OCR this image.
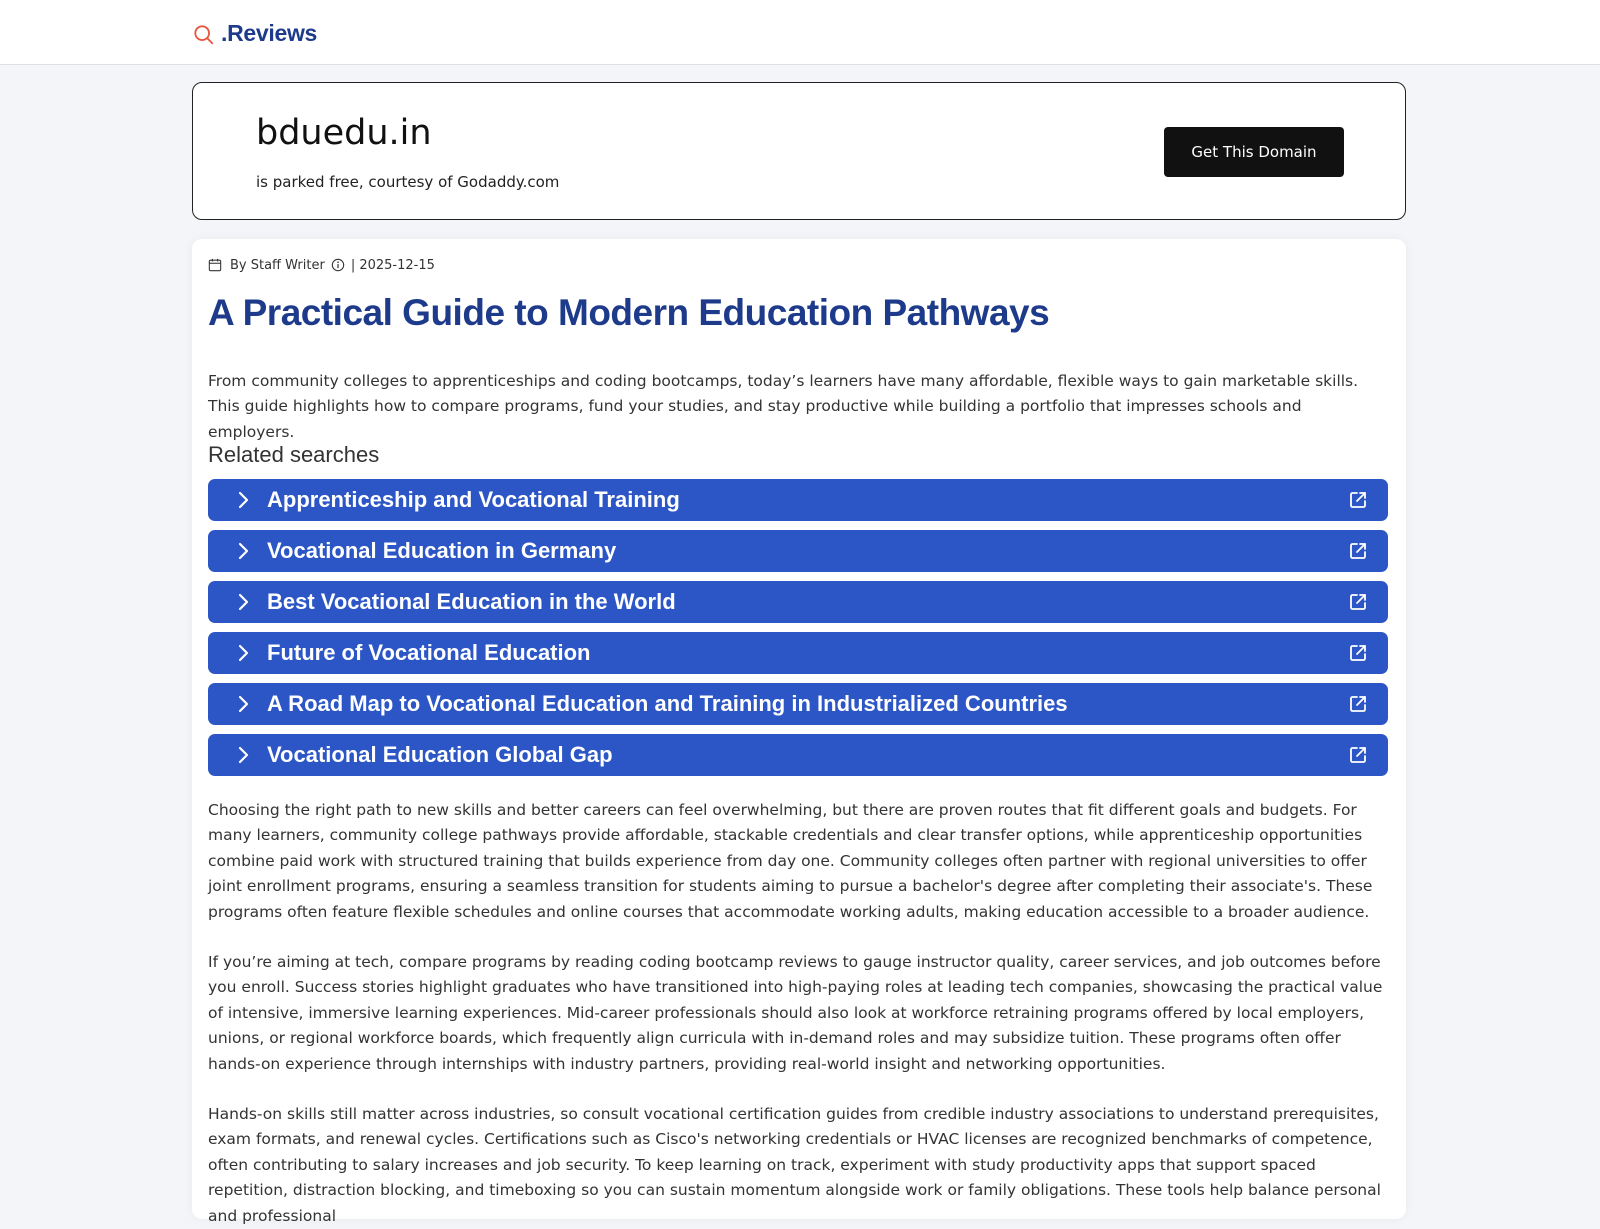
.Reviews
bduedu.in
is parked free, courtesy of Godaddy.com
Get This Domain
By Staff Writer | 2025-12-15
A Practical Guide to Modern Education Pathways

From community colleges to apprenticeships and coding bootcamps, today’s learners have many affordable, flexible ways to gain marketable skills. This guide highlights how to compare programs, fund your studies, and stay productive while building a portfolio that impresses schools and employers.

Related searches
Apprenticeship and Vocational Training
Vocational Education in Germany
Best Vocational Education in the World
Future of Vocational Education
A Road Map to Vocational Education and Training in Industrialized Countries
Vocational Education Global Gap

Choosing the right path to new skills and better careers can feel overwhelming, but there are proven routes that fit different goals and budgets. For many learners, community college pathways provide affordable, stackable credentials and clear transfer options, while apprenticeship opportunities combine paid work with structured training that builds experience from day one. Community colleges often partner with regional universities to offer joint enrollment programs, ensuring a seamless transition for students aiming to pursue a bachelor's degree after completing their associate's. These programs often feature flexible schedules and online courses that accommodate working adults, making education accessible to a broader audience.

If you’re aiming at tech, compare programs by reading coding bootcamp reviews to gauge instructor quality, career services, and job outcomes before you enroll. Success stories highlight graduates who have transitioned into high-paying roles at leading tech companies, showcasing the practical value of intensive, immersive learning experiences. Mid-career professionals should also look at workforce retraining programs offered by local employers, unions, or regional workforce boards, which frequently align curricula with in-demand roles and may subsidize tuition. These programs often offer hands-on experience through internships with industry partners, providing real-world insight and networking opportunities.

Hands-on skills still matter across industries, so consult vocational certification guides from credible industry associations to understand prerequisites, exam formats, and renewal cycles. Certifications such as Cisco's networking credentials or HVAC licenses are recognized benchmarks of competence, often contributing to salary increases and job security. To keep learning on track, experiment with study productivity apps that support spaced repetition, distraction blocking, and timeboxing so you can sustain momentum alongside work or family obligations. These tools help balance personal and professional
